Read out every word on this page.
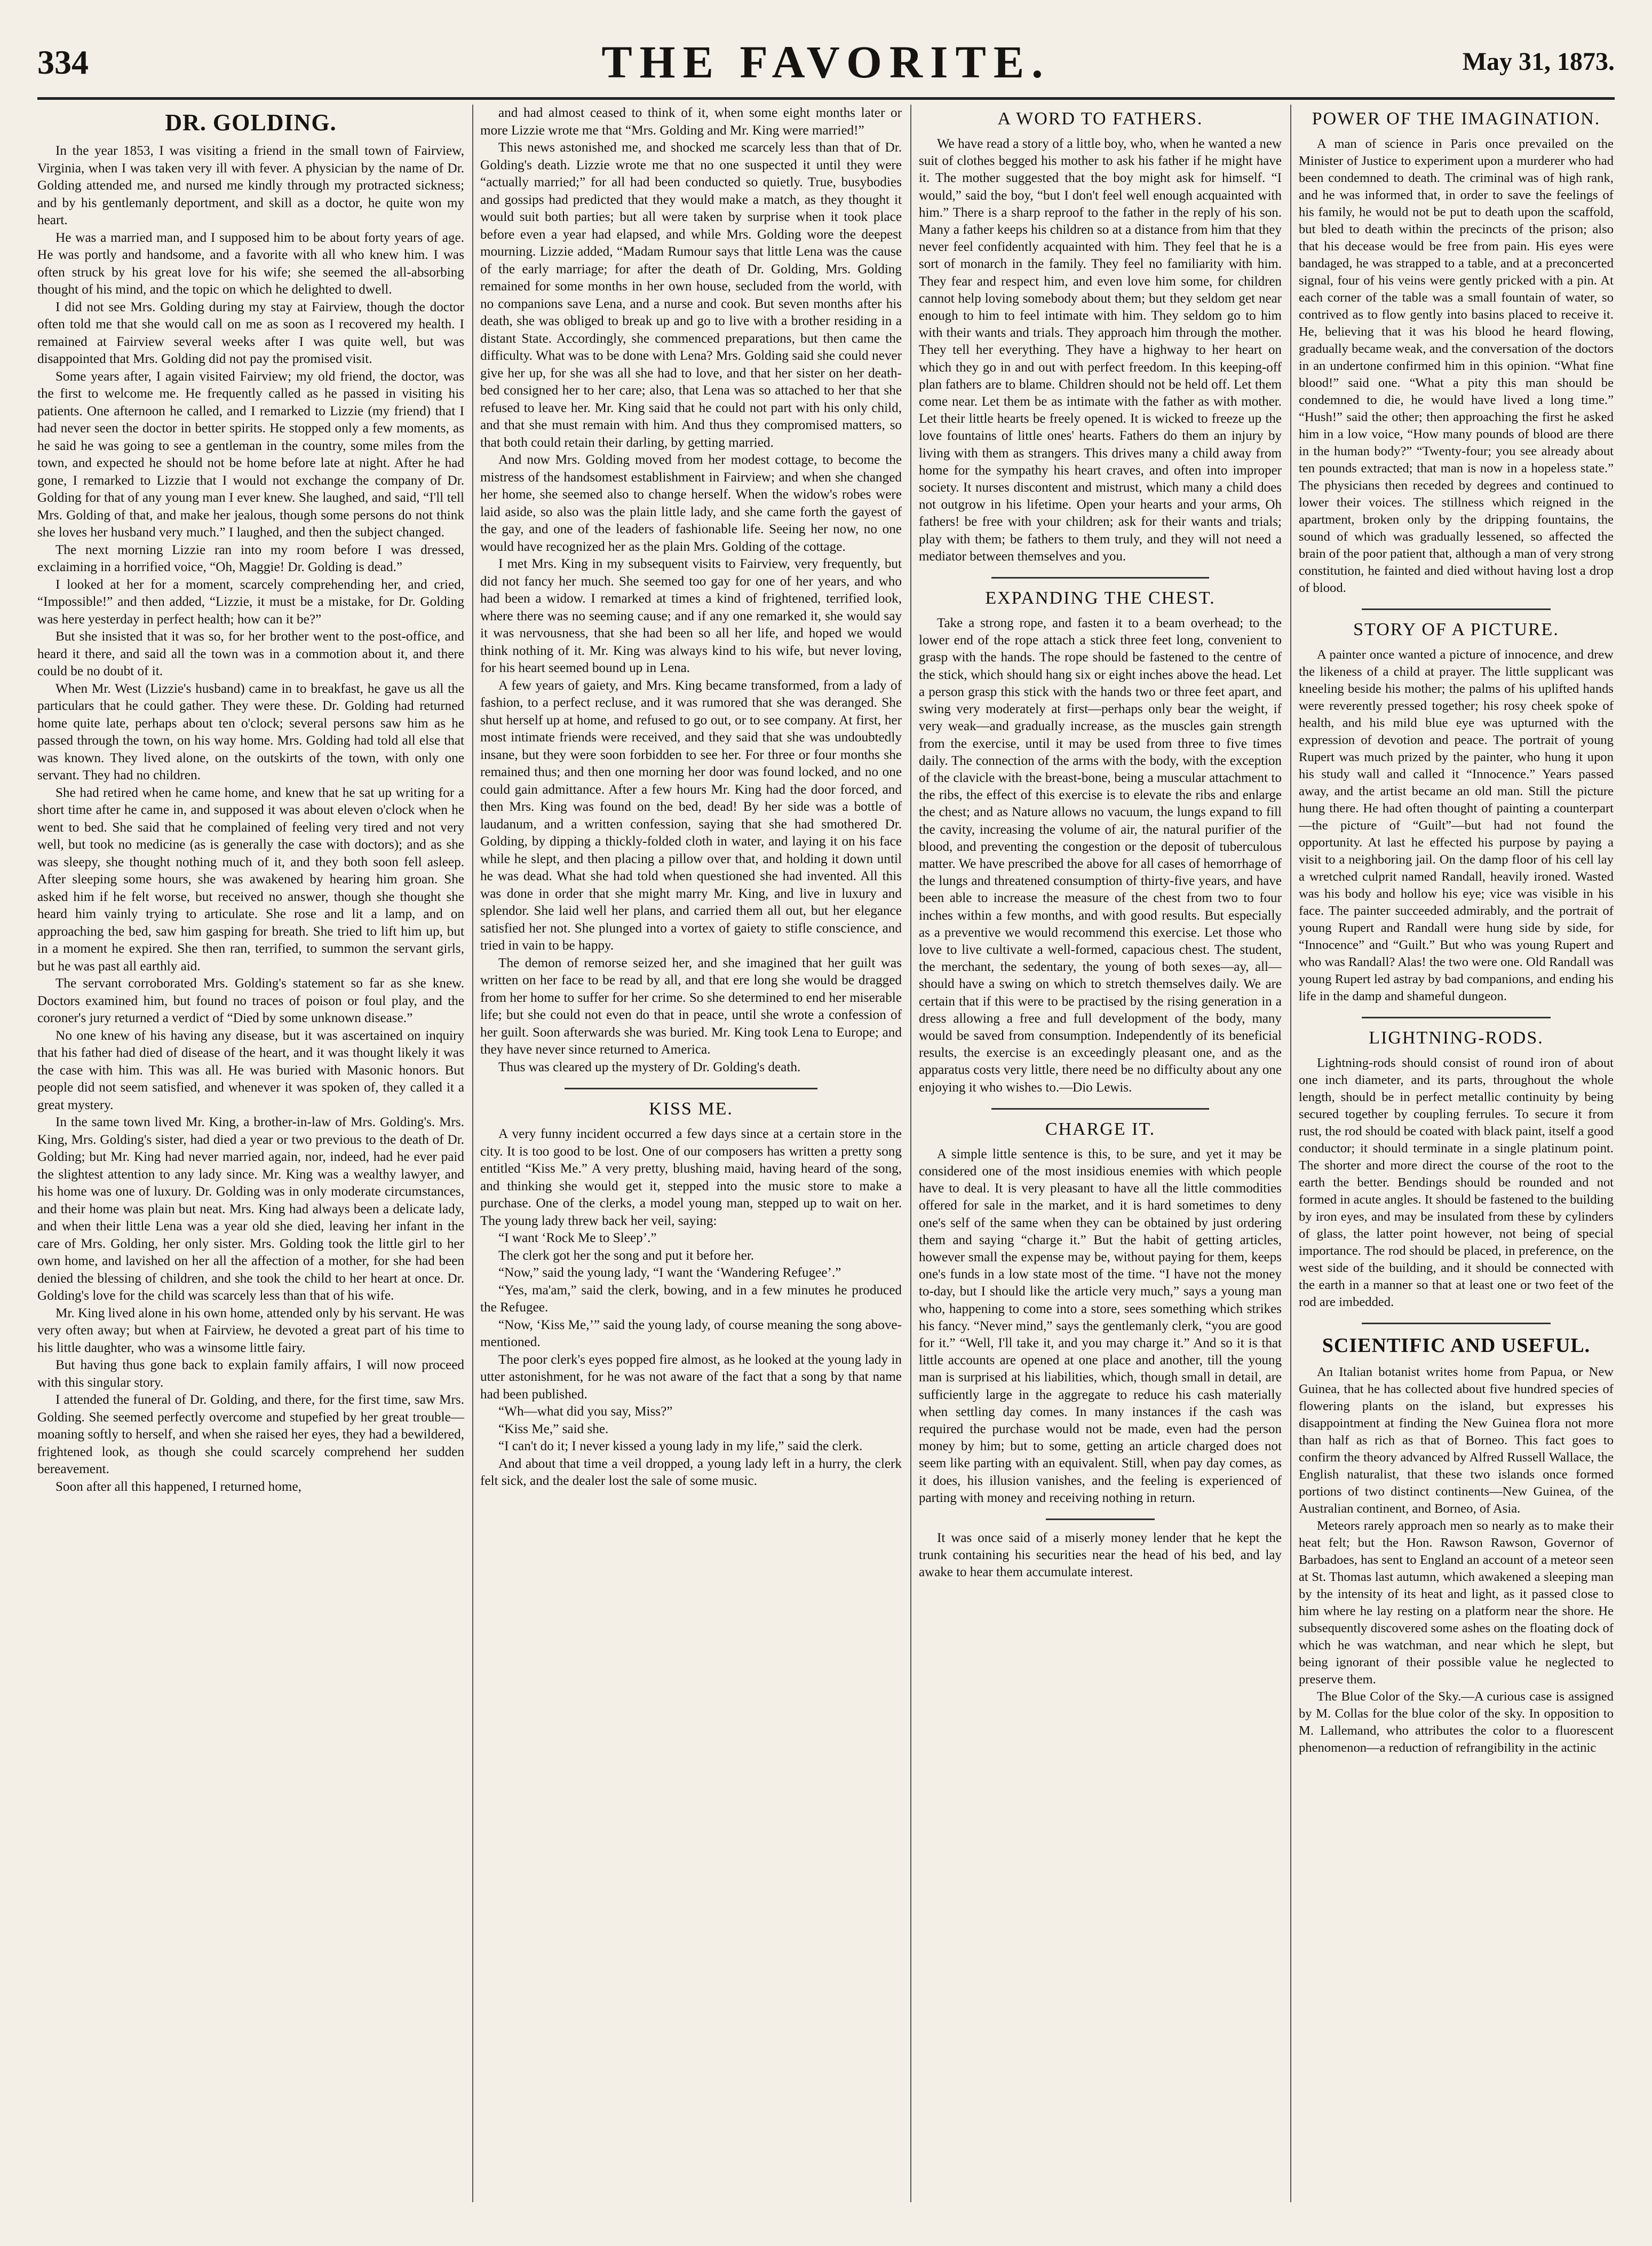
334	THE FAVORITE.	May 31, 1873.
DR. GOLDING.

In the year 1853, I was visiting a friend in the small town of Fairview, Virginia, when I was taken very ill with fever. A physician by the name of Dr. Golding attended me, and nursed me kindly through my protracted sickness; and by his gentlemanly deportment, and skill as a doctor, he quite won my heart.

He was a married man, and I supposed him to be about forty years of age. He was portly and handsome, and a favorite with all who knew him. I was often struck by his great love for his wife; she seemed the all-absorbing thought of his mind, and the topic on which he delighted to dwell.

I did not see Mrs. Golding during my stay at Fairview, though the doctor often told me that she would call on me as soon as I recovered my health. I remained at Fairview several weeks after I was quite well, but was disappointed that Mrs. Golding did not pay the promised visit.

Some years after, I again visited Fairview; my old friend, the doctor, was the first to welcome me. He frequently called as he passed in visiting his patients. One afternoon he called, and I remarked to Lizzie (my friend) that I had never seen the doctor in better spirits. He stopped only a few moments, as he said he was going to see a gentleman in the country, some miles from the town, and expected he should not be home before late at night. After he had gone, I remarked to Lizzie that I would not exchange the company of Dr. Golding for that of any young man I ever knew. She laughed, and said, “I'll tell Mrs. Golding of that, and make her jealous, though some persons do not think she loves her husband very much.” I laughed, and then the subject changed.

The next morning Lizzie ran into my room before I was dressed, exclaiming in a horrified voice, “Oh, Maggie! Dr. Golding is dead.”

I looked at her for a moment, scarcely comprehending her, and cried, “Impossible!” and then added, “Lizzie, it must be a mistake, for Dr. Golding was here yesterday in perfect health; how can it be?”

But she insisted that it was so, for her brother went to the post-office, and heard it there, and said all the town was in a commotion about it, and there could be no doubt of it.

When Mr. West (Lizzie's husband) came in to breakfast, he gave us all the particulars that he could gather. They were these. Dr. Golding had returned home quite late, perhaps about ten o'clock; several persons saw him as he passed through the town, on his way home. Mrs. Golding had told all else that was known. They lived alone, on the outskirts of the town, with only one servant. They had no children.

She had retired when he came home, and knew that he sat up writing for a short time after he came in, and supposed it was about eleven o'clock when he went to bed. She said that he complained of feeling very tired and not very well, but took no medicine (as is generally the case with doctors); and as she was sleepy, she thought nothing much of it, and they both soon fell asleep. After sleeping some hours, she was awakened by hearing him groan. She asked him if he felt worse, but received no answer, though she thought she heard him vainly trying to articulate. She rose and lit a lamp, and on approaching the bed, saw him gasping for breath. She tried to lift him up, but in a moment he expired. She then ran, terrified, to summon the servant girls, but he was past all earthly aid.

The servant corroborated Mrs. Golding's statement so far as she knew. Doctors examined him, but found no traces of poison or foul play, and the coroner's jury returned a verdict of “Died by some unknown disease.”

No one knew of his having any disease, but it was ascertained on inquiry that his father had died of disease of the heart, and it was thought likely it was the case with him. This was all. He was buried with Masonic honors. But people did not seem satisfied, and whenever it was spoken of, they called it a great mystery.

In the same town lived Mr. King, a brother-in-law of Mrs. Golding's. Mrs. King, Mrs. Golding's sister, had died a year or two previous to the death of Dr. Golding; but Mr. King had never married again, nor, indeed, had he ever paid the slightest attention to any lady since. Mr. King was a wealthy lawyer, and his home was one of luxury. Dr. Golding was in only moderate circumstances, and their home was plain but neat. Mrs. King had always been a delicate lady, and when their little Lena was a year old she died, leaving her infant in the care of Mrs. Golding, her only sister. Mrs. Golding took the little girl to her own home, and lavished on her all the affection of a mother, for she had been denied the blessing of children, and she took the child to her heart at once. Dr. Golding's love for the child was scarcely less than that of his wife.

Mr. King lived alone in his own home, attended only by his servant. He was very often away; but when at Fairview, he devoted a great part of his time to his little daughter, who was a winsome little fairy.

But having thus gone back to explain family affairs, I will now proceed with this singular story.

I attended the funeral of Dr. Golding, and there, for the first time, saw Mrs. Golding. She seemed perfectly overcome and stupefied by her great trouble—moaning softly to herself, and when she raised her eyes, they had a bewildered, frightened look, as though she could scarcely comprehend her sudden bereavement.

Soon after all this happened, I returned home,

and had almost ceased to think of it, when some eight months later or more Lizzie wrote me that “Mrs. Golding and Mr. King were married!”

This news astonished me, and shocked me scarcely less than that of Dr. Golding's death. Lizzie wrote me that no one suspected it until they were “actually married;” for all had been conducted so quietly. True, busybodies and gossips had predicted that they would make a match, as they thought it would suit both parties; but all were taken by surprise when it took place before even a year had elapsed, and while Mrs. Golding wore the deepest mourning. Lizzie added, “Madam Rumour says that little Lena was the cause of the early marriage; for after the death of Dr. Golding, Mrs. Golding remained for some months in her own house, secluded from the world, with no companions save Lena, and a nurse and cook. But seven months after his death, she was obliged to break up and go to live with a brother residing in a distant State. Accordingly, she commenced preparations, but then came the difficulty. What was to be done with Lena? Mrs. Golding said she could never give her up, for she was all she had to love, and that her sister on her death-bed consigned her to her care; also, that Lena was so attached to her that she refused to leave her. Mr. King said that he could not part with his only child, and that she must remain with him. And thus they compromised matters, so that both could retain their darling, by getting married.

And now Mrs. Golding moved from her modest cottage, to become the mistress of the handsomest establishment in Fairview; and when she changed her home, she seemed also to change herself. When the widow's robes were laid aside, so also was the plain little lady, and she came forth the gayest of the gay, and one of the leaders of fashionable life. Seeing her now, no one would have recognized her as the plain Mrs. Golding of the cottage.

I met Mrs. King in my subsequent visits to Fairview, very frequently, but did not fancy her much. She seemed too gay for one of her years, and who had been a widow. I remarked at times a kind of frightened, terrified look, where there was no seeming cause; and if any one remarked it, she would say it was nervousness, that she had been so all her life, and hoped we would think nothing of it. Mr. King was always kind to his wife, but never loving, for his heart seemed bound up in Lena.

A few years of gaiety, and Mrs. King became transformed, from a lady of fashion, to a perfect recluse, and it was rumored that she was deranged. She shut herself up at home, and refused to go out, or to see company. At first, her most intimate friends were received, and they said that she was undoubtedly insane, but they were soon forbidden to see her. For three or four months she remained thus; and then one morning her door was found locked, and no one could gain admittance. After a few hours Mr. King had the door forced, and then Mrs. King was found on the bed, dead! By her side was a bottle of laudanum, and a written confession, saying that she had smothered Dr. Golding, by dipping a thickly-folded cloth in water, and laying it on his face while he slept, and then placing a pillow over that, and holding it down until he was dead. What she had told when questioned she had invented. All this was done in order that she might marry Mr. King, and live in luxury and splendor. She laid well her plans, and carried them all out, but her elegance satisfied her not. She plunged into a vortex of gaiety to stifle conscience, and tried in vain to be happy.

The demon of remorse seized her, and she imagined that her guilt was written on her face to be read by all, and that ere long she would be dragged from her home to suffer for her crime. So she determined to end her miserable life; but she could not even do that in peace, until she wrote a confession of her guilt. Soon afterwards she was buried. Mr. King took Lena to Europe; and they have never since returned to America.

Thus was cleared up the mystery of Dr. Golding's death.

KISS ME.

A very funny incident occurred a few days since at a certain store in the city. It is too good to be lost. One of our composers has written a pretty song entitled “Kiss Me.” A very pretty, blushing maid, having heard of the song, and thinking she would get it, stepped into the music store to make a purchase. One of the clerks, a model young man, stepped up to wait on her. The young lady threw back her veil, saying:

“I want ‘Rock Me to Sleep’.”

The clerk got her the song and put it before her.

“Now,” said the young lady, “I want the ‘Wandering Refugee’.”

“Yes, ma'am,” said the clerk, bowing, and in a few minutes he produced the Refugee.

“Now, ‘Kiss Me,’” said the young lady, of course meaning the song above-mentioned.

The poor clerk's eyes popped fire almost, as he looked at the young lady in utter astonishment, for he was not aware of the fact that a song by that name had been published.

“Wh—what did you say, Miss?”

“Kiss Me,” said she.

“I can't do it; I never kissed a young lady in my life,” said the clerk.

And about that time a veil dropped, a young lady left in a hurry, the clerk felt sick, and the dealer lost the sale of some music.

A WORD TO FATHERS.

We have read a story of a little boy, who, when he wanted a new suit of clothes begged his mother to ask his father if he might have it. The mother suggested that the boy might ask for himself. “I would,” said the boy, “but I don't feel well enough acquainted with him.” There is a sharp reproof to the father in the reply of his son. Many a father keeps his children so at a distance from him that they never feel confidently acquainted with him. They feel that he is a sort of monarch in the family. They feel no familiarity with him. They fear and respect him, and even love him some, for children cannot help loving somebody about them; but they seldom get near enough to him to feel intimate with him. They seldom go to him with their wants and trials. They approach him through the mother. They tell her everything. They have a highway to her heart on which they go in and out with perfect freedom. In this keeping-off plan fathers are to blame. Children should not be held off. Let them come near. Let them be as intimate with the father as with mother. Let their little hearts be freely opened. It is wicked to freeze up the love fountains of little ones' hearts. Fathers do them an injury by living with them as strangers. This drives many a child away from home for the sympathy his heart craves, and often into improper society. It nurses discontent and mistrust, which many a child does not outgrow in his lifetime. Open your hearts and your arms, Oh fathers! be free with your children; ask for their wants and trials; play with them; be fathers to them truly, and they will not need a mediator between themselves and you.

EXPANDING THE CHEST.

Take a strong rope, and fasten it to a beam overhead; to the lower end of the rope attach a stick three feet long, convenient to grasp with the hands. The rope should be fastened to the centre of the stick, which should hang six or eight inches above the head. Let a person grasp this stick with the hands two or three feet apart, and swing very moderately at first—perhaps only bear the weight, if very weak—and gradually increase, as the muscles gain strength from the exercise, until it may be used from three to five times daily. The connection of the arms with the body, with the exception of the clavicle with the breast-bone, being a muscular attachment to the ribs, the effect of this exercise is to elevate the ribs and enlarge the chest; and as Nature allows no vacuum, the lungs expand to fill the cavity, increasing the volume of air, the natural purifier of the blood, and preventing the congestion or the deposit of tuberculous matter. We have prescribed the above for all cases of hemorrhage of the lungs and threatened consumption of thirty-five years, and have been able to increase the measure of the chest from two to four inches within a few months, and with good results. But especially as a preventive we would recommend this exercise. Let those who love to live cultivate a well-formed, capacious chest. The student, the merchant, the sedentary, the young of both sexes—ay, all—should have a swing on which to stretch themselves daily. We are certain that if this were to be practised by the rising generation in a dress allowing a free and full development of the body, many would be saved from consumption. Independently of its beneficial results, the exercise is an exceedingly pleasant one, and as the apparatus costs very little, there need be no difficulty about any one enjoying it who wishes to.—Dio Lewis.

CHARGE IT.

A simple little sentence is this, to be sure, and yet it may be considered one of the most insidious enemies with which people have to deal. It is very pleasant to have all the little commodities offered for sale in the market, and it is hard sometimes to deny one's self of the same when they can be obtained by just ordering them and saying “charge it.” But the habit of getting articles, however small the expense may be, without paying for them, keeps one's funds in a low state most of the time. “I have not the money to-day, but I should like the article very much,” says a young man who, happening to come into a store, sees something which strikes his fancy. “Never mind,” says the gentlemanly clerk, “you are good for it.” “Well, I'll take it, and you may charge it.” And so it is that little accounts are opened at one place and another, till the young man is surprised at his liabilities, which, though small in detail, are sufficiently large in the aggregate to reduce his cash materially when settling day comes. In many instances if the cash was required the purchase would not be made, even had the person money by him; but to some, getting an article charged does not seem like parting with an equivalent. Still, when pay day comes, as it does, his illusion vanishes, and the feeling is experienced of parting with money and receiving nothing in return.

It was once said of a miserly money lender that he kept the trunk containing his securities near the head of his bed, and lay awake to hear them accumulate interest.

POWER OF THE IMAGINATION.

A man of science in Paris once prevailed on the Minister of Justice to experiment upon a murderer who had been condemned to death. The criminal was of high rank, and he was informed that, in order to save the feelings of his family, he would not be put to death upon the scaffold, but bled to death within the precincts of the prison; also that his decease would be free from pain. His eyes were bandaged, he was strapped to a table, and at a preconcerted signal, four of his veins were gently pricked with a pin. At each corner of the table was a small fountain of water, so contrived as to flow gently into basins placed to receive it. He, believing that it was his blood he heard flowing, gradually became weak, and the conversation of the doctors in an undertone confirmed him in this opinion. “What fine blood!” said one. “What a pity this man should be condemned to die, he would have lived a long time.” “Hush!” said the other; then approaching the first he asked him in a low voice, “How many pounds of blood are there in the human body?” “Twenty-four; you see already about ten pounds extracted; that man is now in a hopeless state.” The physicians then receded by degrees and continued to lower their voices. The stillness which reigned in the apartment, broken only by the dripping fountains, the sound of which was gradually lessened, so affected the brain of the poor patient that, although a man of very strong constitution, he fainted and died without having lost a drop of blood.

STORY OF A PICTURE.

A painter once wanted a picture of innocence, and drew the likeness of a child at prayer. The little supplicant was kneeling beside his mother; the palms of his uplifted hands were reverently pressed together; his rosy cheek spoke of health, and his mild blue eye was upturned with the expression of devotion and peace. The portrait of young Rupert was much prized by the painter, who hung it upon his study wall and called it “Innocence.” Years passed away, and the artist became an old man. Still the picture hung there. He had often thought of painting a counterpart—the picture of “Guilt”—but had not found the opportunity. At last he effected his purpose by paying a visit to a neighboring jail. On the damp floor of his cell lay a wretched culprit named Randall, heavily ironed. Wasted was his body and hollow his eye; vice was visible in his face. The painter succeeded admirably, and the portrait of young Rupert and Randall were hung side by side, for “Innocence” and “Guilt.” But who was young Rupert and who was Randall? Alas! the two were one. Old Randall was young Rupert led astray by bad companions, and ending his life in the damp and shameful dungeon.

LIGHTNING-RODS.

Lightning-rods should consist of round iron of about one inch diameter, and its parts, throughout the whole length, should be in perfect metallic continuity by being secured together by coupling ferrules. To secure it from rust, the rod should be coated with black paint, itself a good conductor; it should terminate in a single platinum point. The shorter and more direct the course of the root to the earth the better. Bendings should be rounded and not formed in acute angles. It should be fastened to the building by iron eyes, and may be insulated from these by cylinders of glass, the latter point however, not being of special importance. The rod should be placed, in preference, on the west side of the building, and it should be connected with the earth in a manner so that at least one or two feet of the rod are imbedded.

SCIENTIFIC AND USEFUL.

An Italian botanist writes home from Papua, or New Guinea, that he has collected about five hundred species of flowering plants on the island, but expresses his disappointment at finding the New Guinea flora not more than half as rich as that of Borneo. This fact goes to confirm the theory advanced by Alfred Russell Wallace, the English naturalist, that these two islands once formed portions of two distinct continents—New Guinea, of the Australian continent, and Borneo, of Asia.

Meteors rarely approach men so nearly as to make their heat felt; but the Hon. Rawson Rawson, Governor of Barbadoes, has sent to England an account of a meteor seen at St. Thomas last autumn, which awakened a sleeping man by the intensity of its heat and light, as it passed close to him where he lay resting on a platform near the shore. He subsequently discovered some ashes on the floating dock of which he was watchman, and near which he slept, but being ignorant of their possible value he neglected to preserve them.

The Blue Color of the Sky.—A curious case is assigned by M. Collas for the blue color of the sky. In opposition to M. Lallemand, who attributes the color to a fluorescent phenomenon—a reduction of refrangibility in the actinic
